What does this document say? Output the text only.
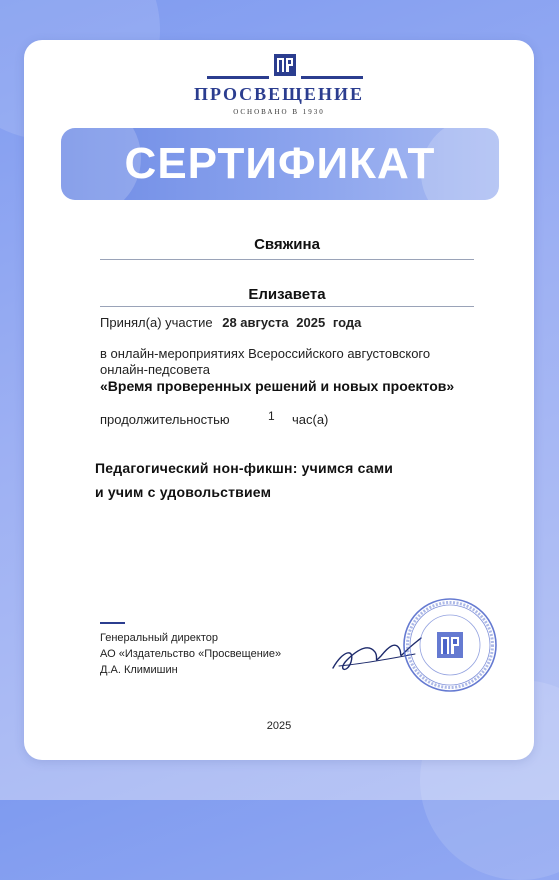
ПРОСВЕЩЕНИЕ
ОСНОВАНО В 1930
СЕРТИФИКАТ
Свяжина
Елизавета
Принял(а) участие 28 августа 2025 года
в онлайн-мероприятиях Всероссийского августовского
онлайн-педсовета
«Время проверенных решений и новых проектов»
продолжительностью	1 час(а)
Педагогический нон-фикшн: учимся сами
и учим с удовольствием
Генеральный директор
АО «Издательство «Просвещение»
Д.А. Климишин
2025
